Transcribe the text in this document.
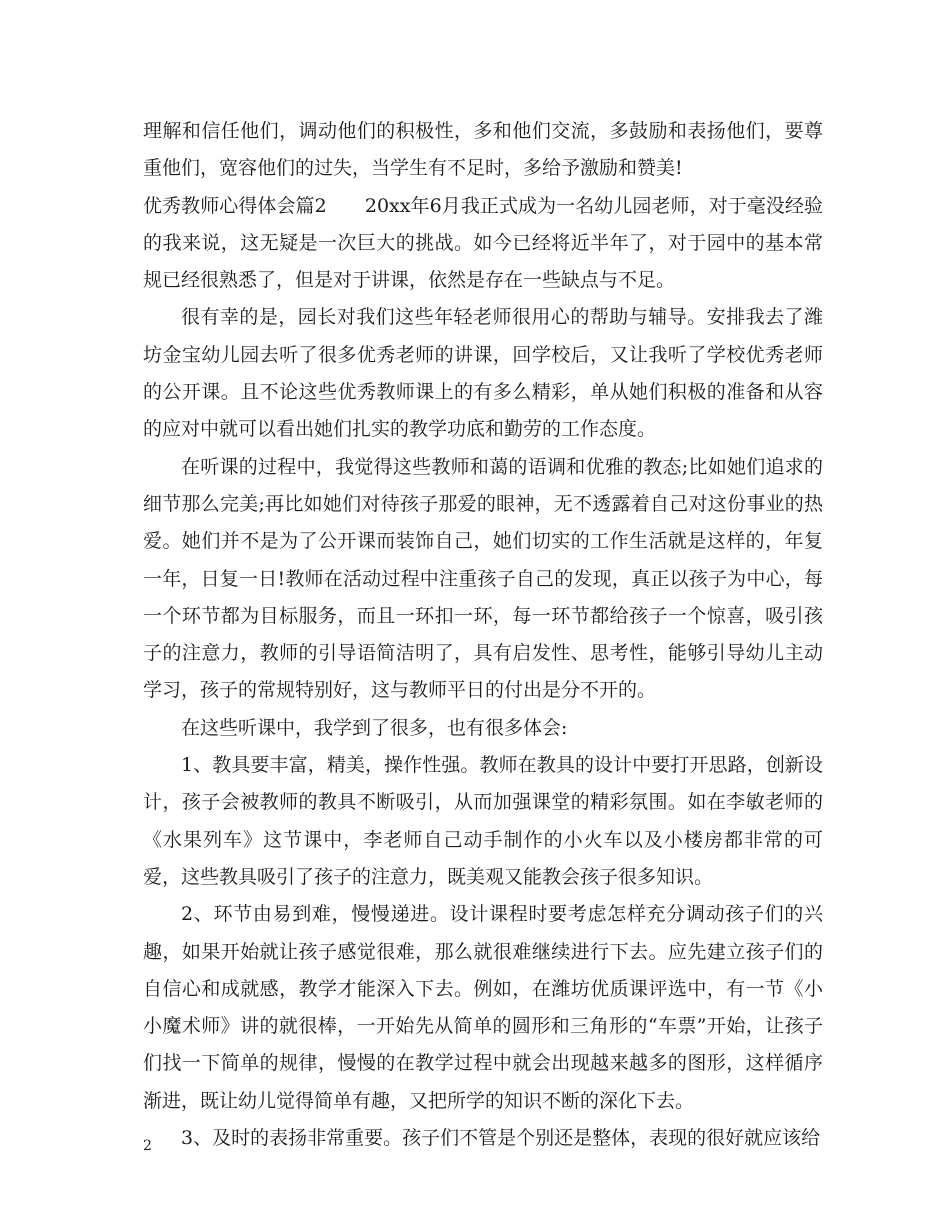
理解和信任他们，调动他们的积极性，多和他们交流，多鼓励和表扬他们，要尊重他们，宽容他们的过失，当学生有不足时，多给予激励和赞美!

优秀教师心得体会篇2　　20xx年6月我正式成为一名幼儿园老师，对于毫没经验的我来说，这无疑是一次巨大的挑战。如今已经将近半年了，对于园中的基本常规已经很熟悉了，但是对于讲课，依然是存在一些缺点与不足。

很有幸的是，园长对我们这些年轻老师很用心的帮助与辅导。安排我去了潍坊金宝幼儿园去听了很多优秀老师的讲课，回学校后，又让我听了学校优秀老师的公开课。且不论这些优秀教师课上的有多么精彩，单从她们积极的准备和从容的应对中就可以看出她们扎实的教学功底和勤劳的工作态度。

在听课的过程中，我觉得这些教师和蔼的语调和优雅的教态;比如她们追求的细节那么完美;再比如她们对待孩子那爱的眼神，无不透露着自己对这份事业的热爱。她们并不是为了公开课而装饰自己，她们切实的工作生活就是这样的，年复一年，日复一日!教师在活动过程中注重孩子自己的发现，真正以孩子为中心，每一个环节都为目标服务，而且一环扣一环，每一环节都给孩子一个惊喜，吸引孩子的注意力，教师的引导语简洁明了，具有启发性、思考性，能够引导幼儿主动学习，孩子的常规特别好，这与教师平日的付出是分不开的。

在这些听课中，我学到了很多，也有很多体会:

1、教具要丰富，精美，操作性强。教师在教具的设计中要打开思路，创新设计，孩子会被教师的教具不断吸引，从而加强课堂的精彩氛围。如在李敏老师的《水果列车》这节课中，李老师自己动手制作的小火车以及小楼房都非常的可爱，这些教具吸引了孩子的注意力，既美观又能教会孩子很多知识。

2、环节由易到难，慢慢递进。设计课程时要考虑怎样充分调动孩子们的兴趣，如果开始就让孩子感觉很难，那么就很难继续进行下去。应先建立孩子们的自信心和成就感，教学才能深入下去。例如，在潍坊优质课评选中，有一节《小小魔术师》讲的就很棒，一开始先从简单的圆形和三角形的“车票”开始，让孩子们找一下简单的规律，慢慢的在教学过程中就会出现越来越多的图形，这样循序渐进，既让幼儿觉得简单有趣，又把所学的知识不断的深化下去。

3、及时的表扬非常重要。孩子们不管是个别还是整体，表现的很好就应该给

2
